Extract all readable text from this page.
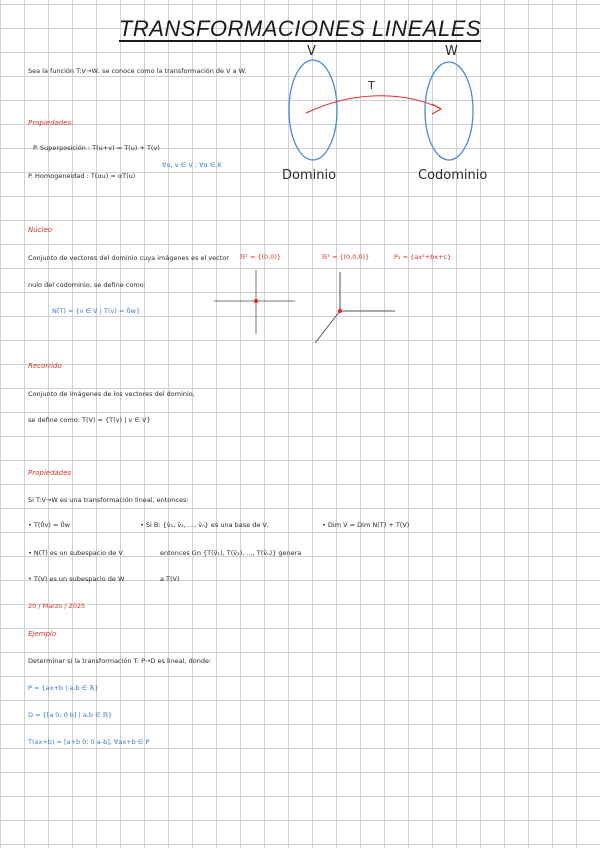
TRANSFORMACIONES LINEALES
Sea la función T:V→W, se conoce como la transformación de V a W.
V	W
T
Dominio	Codominio
Propiedades:
P. Superposición : T(u+v) = T(u) + T(v)
P. Homogeneidad : T(αu) = αT(u)
∀u, v ∈ V ; ∀α ∈ K
Núcleo
Conjunto de vectores del dominio cuya imágenes es el vector
nulo del codominio, se define como:
N(T) = {v ∈ V | T(v) = 0̄w}
ℝ² = {(0,0)}	ℝ³ = {(0,0,0)}	P₂ = {ax²+bx+c}
Recorrido
Conjunto de imágenes de los vectores del dominio,
se define como: T(V) = {T(v) | v ∈ V}
Propiedades
Si T:V→W es una transformación lineal, entonces:
• T(0̄v) = 0̄w
• N(T) es un subespacio de V
• T(V) es un subespacio de W
• Si B: {v̄₁, v̄₂, ..., v̄ₙ} es una base de V,
entonces Gn {T(v̄₁), T(v̄₂), ..., T(v̄ₙ)} genera
a T(V)
• Dim V = Dim N(T) + T(V)
20 / Marzo / 2025
Ejemplo
Determinar si la transformación T: P→D es lineal, donde:
P = {ax+b | a,b ∈ ℝ}
D = {[a 0; 0 b] | a,b ∈ ℝ}
T(ax+b) = [a+b 0; 0 a-b], ∀ax+b ∈ P
